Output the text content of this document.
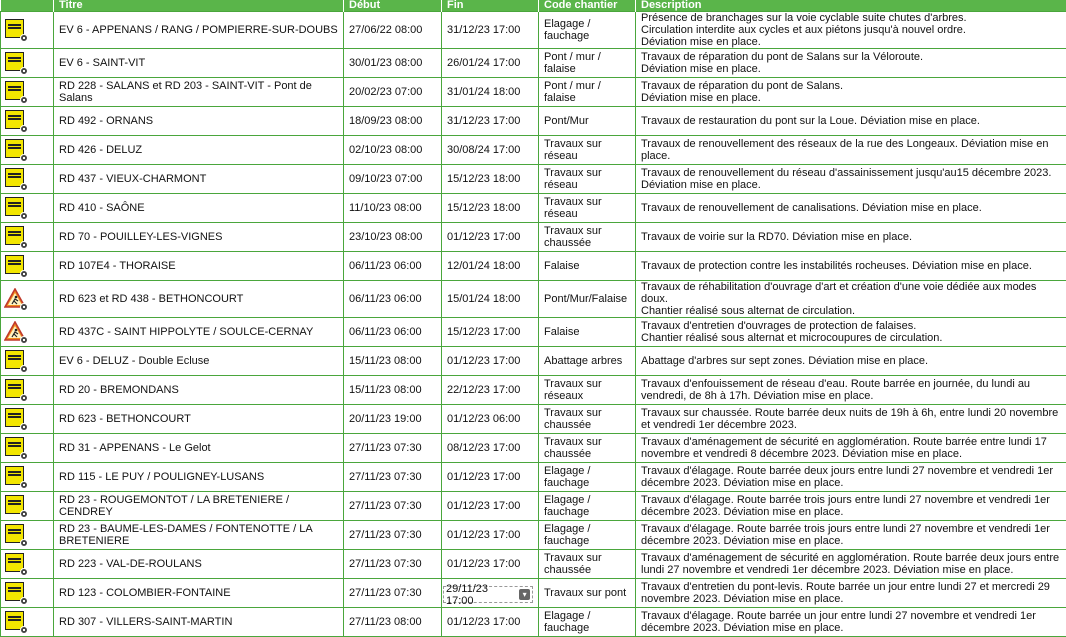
	Titre	Début	Fin	Code chantier	Description

	EV 6 - APPENANS / RANG / POMPIERRE-SUR-DOUBS	27/06/22 08:00	31/12/23 17:00	Elagage / fauchage	Présence de branchages sur la voie cyclable suite chutes d'arbres.
Circulation interdite aux cycles et aux piétons jusqu'à nouvel ordre.
Déviation mise en place.

	EV 6 - SAINT-VIT	30/01/23 08:00	26/01/24 17:00	Pont / mur / falaise	Travaux de réparation du pont de Salans sur la Véloroute.
Déviation mise en place.

	RD 228 - SALANS et RD 203 - SAINT-VIT - Pont de Salans	20/02/23 07:00	31/01/24 18:00	Pont / mur / falaise	Travaux de réparation du pont de Salans.
Déviation mise en place.

	RD 492 - ORNANS	18/09/23 08:00	31/12/23 17:00	Pont/Mur	Travaux de restauration du pont sur la Loue. Déviation mise en place.

	RD 426 - DELUZ	02/10/23 08:00	30/08/24 17:00	Travaux sur réseau	Travaux de renouvellement des réseaux de la rue des Longeaux. Déviation mise en place.

	RD 437 - VIEUX-CHARMONT	09/10/23 07:00	15/12/23 18:00	Travaux sur réseau	Travaux de renouvellement du réseau d'assainissement jusqu'au15 décembre 2023.
Déviation mise en place.

	RD 410 - SAÔNE	11/10/23 08:00	15/12/23 18:00	Travaux sur réseau	Travaux de renouvellement de canalisations. Déviation mise en place.

	RD 70 - POUILLEY-LES-VIGNES	23/10/23 08:00	01/12/23 17:00	Travaux sur chaussée	Travaux de voirie sur la RD70. Déviation mise en place.

	RD 107E4 - THORAISE	06/11/23 06:00	12/01/24 18:00	Falaise	Travaux de protection contre les instabilités rocheuses. Déviation mise en place.

	RD 623 et RD 438 - BETHONCOURT	06/11/23 06:00	15/01/24 18:00	Pont/Mur/Falaise	Travaux de réhabilitation d'ouvrage d'art et création d'une voie dédiée aux modes doux.
Chantier réalisé sous alternat de circulation.

	RD 437C - SAINT HIPPOLYTE / SOULCE-CERNAY	06/11/23 06:00	15/12/23 17:00	Falaise	Travaux d'entretien d'ouvrages de protection de falaises.
Chantier réalisé sous alternat et microcoupures de circulation.

	EV 6 - DELUZ - Double Ecluse	15/11/23 08:00	01/12/23 17:00	Abattage arbres	Abattage d'arbres sur sept zones. Déviation mise en place.

	RD 20 - BREMONDANS	15/11/23 08:00	22/12/23 17:00	Travaux sur réseaux	Travaux d'enfouissement de réseau d'eau. Route barrée en journée, du lundi au vendredi, de 8h à 17h. Déviation mise en place.

	RD 623 - BETHONCOURT	20/11/23 19:00	01/12/23 06:00	Travaux sur chaussée	Travaux sur chaussée. Route barrée deux nuits de 19h à 6h, entre lundi 20 novembre et vendredi 1er décembre 2023.

	RD 31 - APPENANS - Le Gelot	27/11/23 07:30	08/12/23 17:00	Travaux sur chaussée	Travaux d'aménagement de sécurité en agglomération. Route barrée entre lundi 17 novembre et vendredi 8 décembre 2023. Déviation mise en place.

	RD 115 - LE PUY / POULIGNEY-LUSANS	27/11/23 07:30	01/12/23 17:00	Elagage / fauchage	Travaux d'élagage. Route barrée deux jours entre lundi 27 novembre et vendredi 1er décembre 2023. Déviation mise en place.

	RD 23 - ROUGEMONTOT / LA BRETENIERE / CENDREY	27/11/23 07:30	01/12/23 17:00	Elagage / fauchage	Travaux d'élagage. Route barrée trois jours entre lundi 27 novembre et vendredi 1er décembre 2023. Déviation mise en place.

	RD 23 - BAUME-LES-DAMES / FONTENOTTE / LA BRETENIERE	27/11/23 07:30	01/12/23 17:00	Elagage / fauchage	Travaux d'élagage. Route barrée trois jours entre lundi 27 novembre et vendredi 1er décembre 2023. Déviation mise en place.

	RD 223 - VAL-DE-ROULANS	27/11/23 07:30	01/12/23 17:00	Travaux sur chaussée	Travaux d'aménagement de sécurité en agglomération. Route barrée deux jours entre lundi 27 novembre et vendredi 1er décembre 2023. Déviation mise en place.

	RD 123 - COLOMBIER-FONTAINE	27/11/23 07:30	29/11/23 17:00 ▾	Travaux sur pont	Travaux d'entretien du pont-levis. Route barrée un jour entre lundi 27 et mercredi 29 novembre 2023. Déviation mise en place.

	RD 307 - VILLERS-SAINT-MARTIN	27/11/23 08:00	01/12/23 17:00	Elagage / fauchage	Travaux d'élagage. Route barrée un jour entre lundi 27 novembre et vendredi 1er décembre 2023. Déviation mise en place.
